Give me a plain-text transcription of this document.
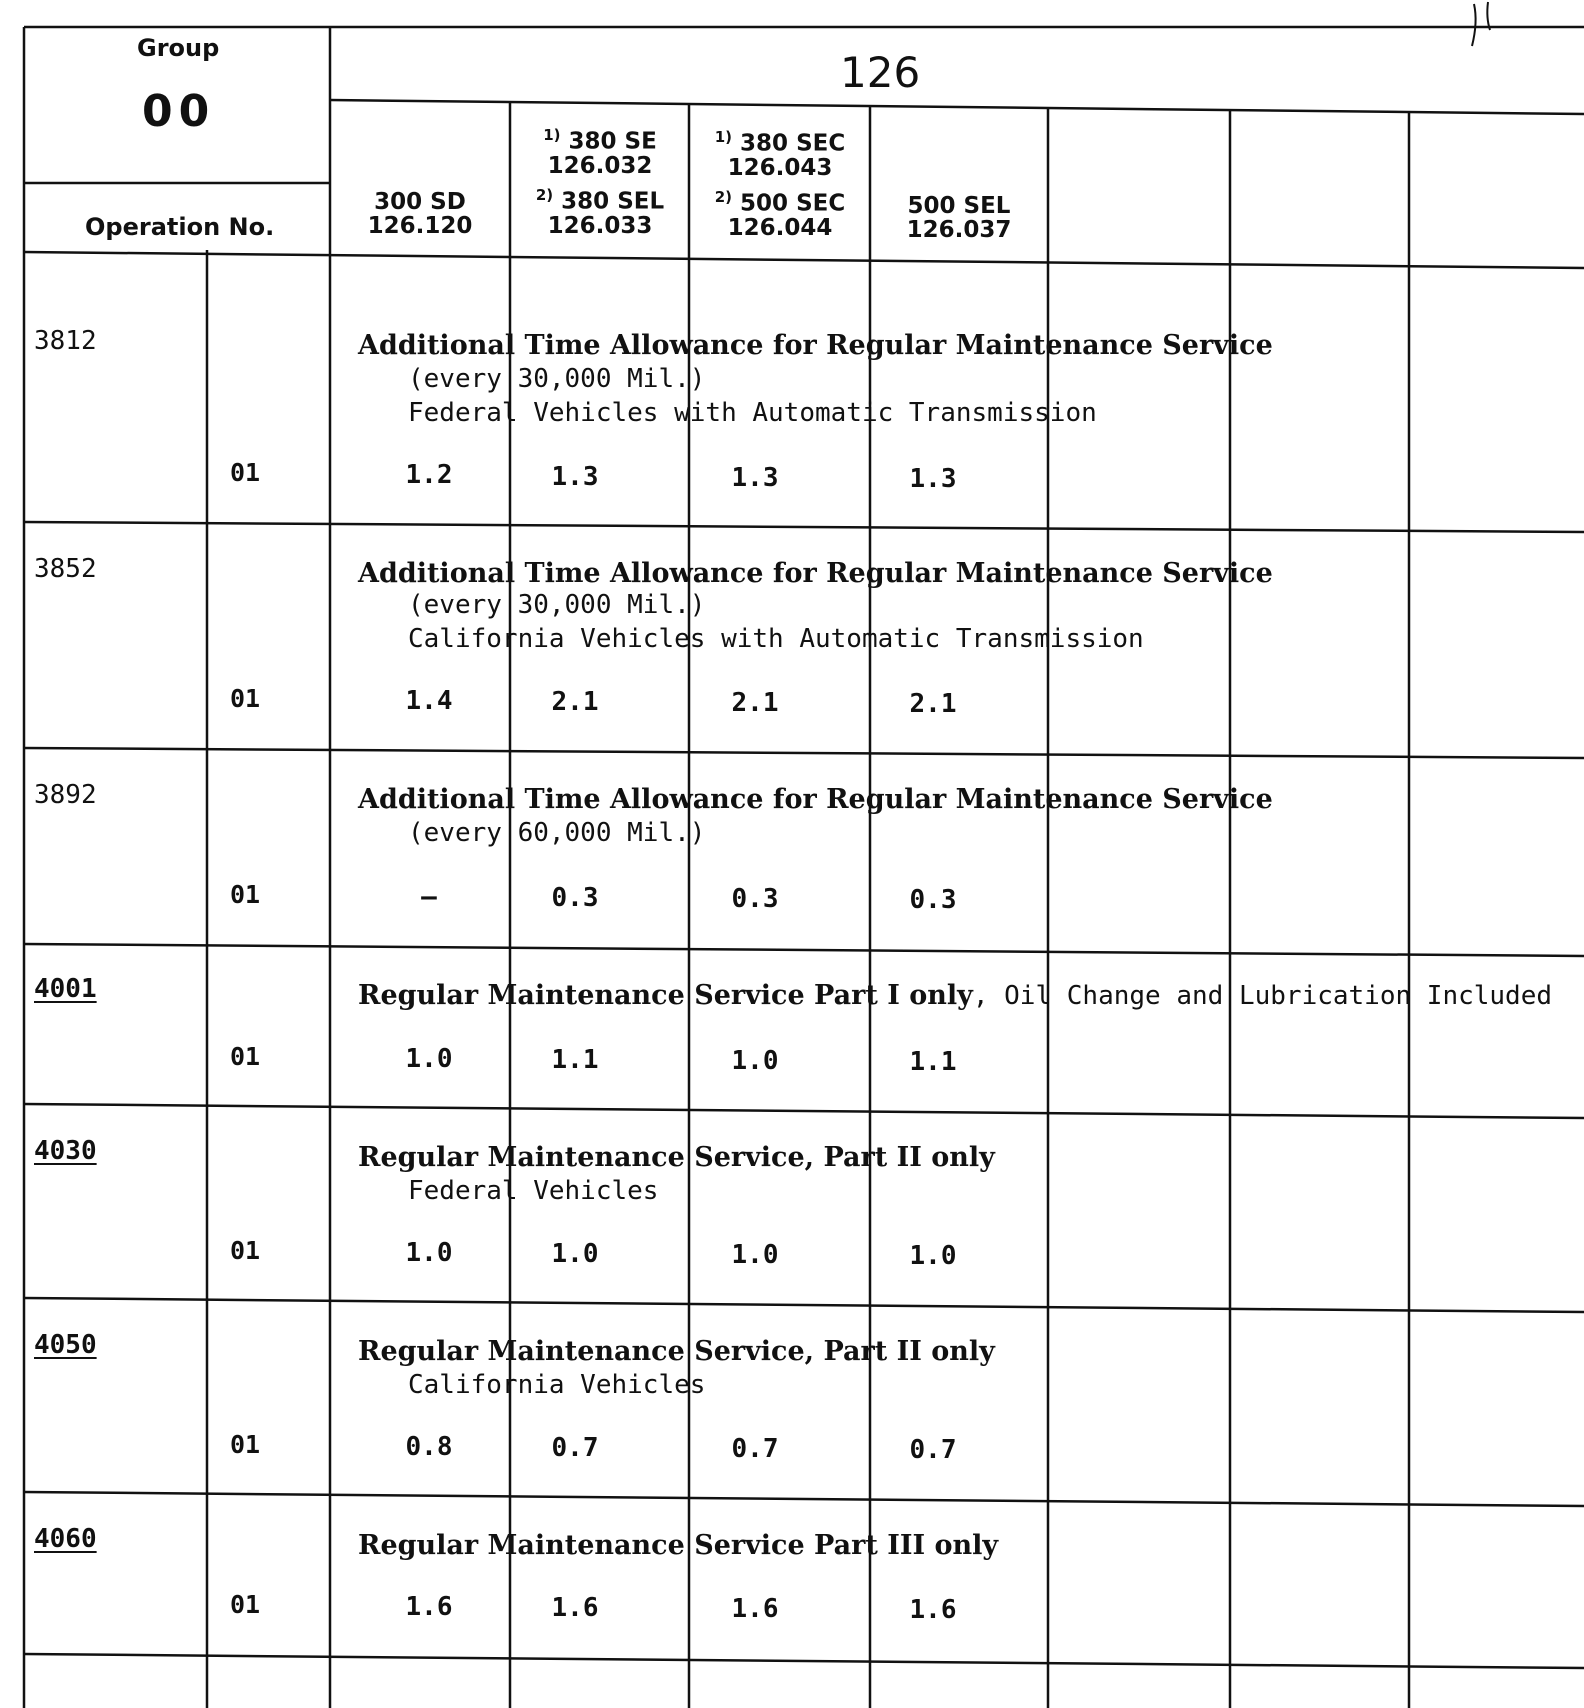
Group
00
Operation No.
126
300 SD
126.120
$^{1)}$ 380 SE
126.032
$^{2)}$ 380 SEL
126.033
$^{1)}$ 380 SEC
126.043
$^{2)}$ 500 SEC
126.044
500 SEL
126.037
3812	Additional Time Allowance for Regular Maintenance Service
(every 30,000 Mil.)
Federal Vehicles with Automatic Transmission
01	1.2	1.3	1.3	1.3
3852	Additional Time Allowance for Regular Maintenance Service
(every 30,000 Mil.)
California Vehicles with Automatic Transmission
01	1.4	2.1	2.1	2.1
3892	Additional Time Allowance for Regular Maintenance Service
(every 60,000 Mil.)
01	—	0.3	0.3	0.3
4001	Regular Maintenance Service Part I only, Oil Change and Lubrication Included
01	1.0	1.1	1.0	1.1
4030	Regular Maintenance Service, Part II only
Federal Vehicles
01	1.0	1.0	1.0	1.0
4050	Regular Maintenance Service, Part II only
California Vehicles
01	0.8	0.7	0.7	0.7
4060	Regular Maintenance Service Part III only
01	1.6	1.6	1.6	1.6
